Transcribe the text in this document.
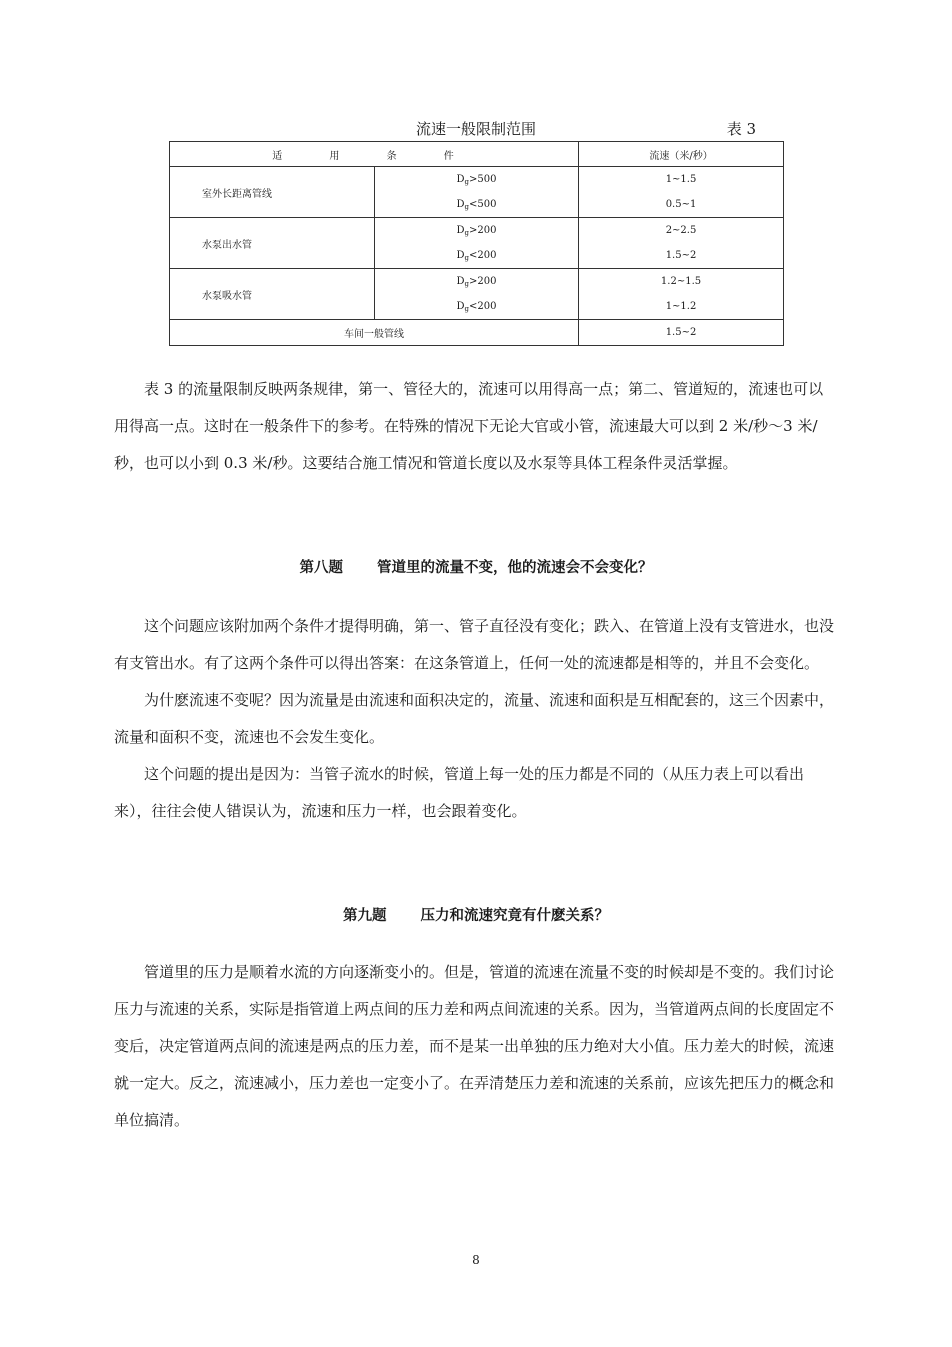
流速一般限制范围	表 3
适 用 条 件		流速（米/秒）
室外长距离管线	$D_g>500$	1~1.5
	$D_g<500$	0.5~1
水泵出水管	$D_g>200$	2~2.5
	$D_g<200$	1.5~2
水泵吸水管	$D_g>200$	1.2~1.5
	$D_g<200$	1~1.2
车间一般管线		1.5~2

表 3 的流量限制反映两条规律，第一、管径大的，流速可以用得高一点；第二、管道短的，流速也可以用得高一点。这时在一般条件下的参考。在特殊的情况下无论大官或小管，流速最大可以到 2 米/秒～3 米/秒，也可以小到 0.3 米/秒。这要结合施工情况和管道长度以及水泵等具体工程条件灵活掌握。

第八题 管道里的流量不变，他的流速会不会变化？

这个问题应该附加两个条件才提得明确，第一、管子直径没有变化；跌入、在管道上没有支管进水，也没有支管出水。有了这两个条件可以得出答案：在这条管道上，任何一处的流速都是相等的，并且不会变化。

为什麽流速不变呢？因为流量是由流速和面积决定的，流量、流速和面积是互相配套的，这三个因素中，流量和面积不变，流速也不会发生变化。

这个问题的提出是因为：当管子流水的时候，管道上每一处的压力都是不同的（从压力表上可以看出来），往往会使人错误认为，流速和压力一样，也会跟着变化。

第九题 压力和流速究竟有什麽关系？

管道里的压力是顺着水流的方向逐渐变小的。但是，管道的流速在流量不变的时候却是不变的。我们讨论压力与流速的关系，实际是指管道上两点间的压力差和两点间流速的关系。因为，当管道两点间的长度固定不变后，决定管道两点间的流速是两点的压力差，而不是某一出单独的压力绝对大小值。压力差大的时候，流速就一定大。反之，流速减小，压力差也一定变小了。在弄清楚压力差和流速的关系前，应该先把压力的概念和单位搞清。

8
